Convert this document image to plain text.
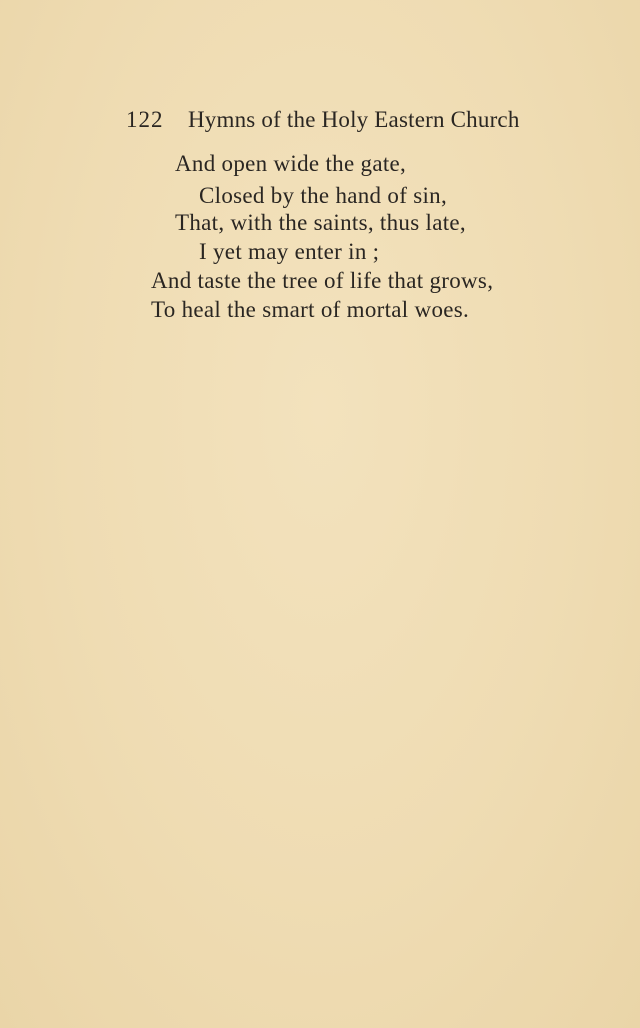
122 Hymns of the Holy Eastern Church
And open wide the gate,
Closed by the hand of sin,
That, with the saints, thus late,
I yet may enter in ;
And taste the tree of life that grows,
To heal the smart of mortal woes.
